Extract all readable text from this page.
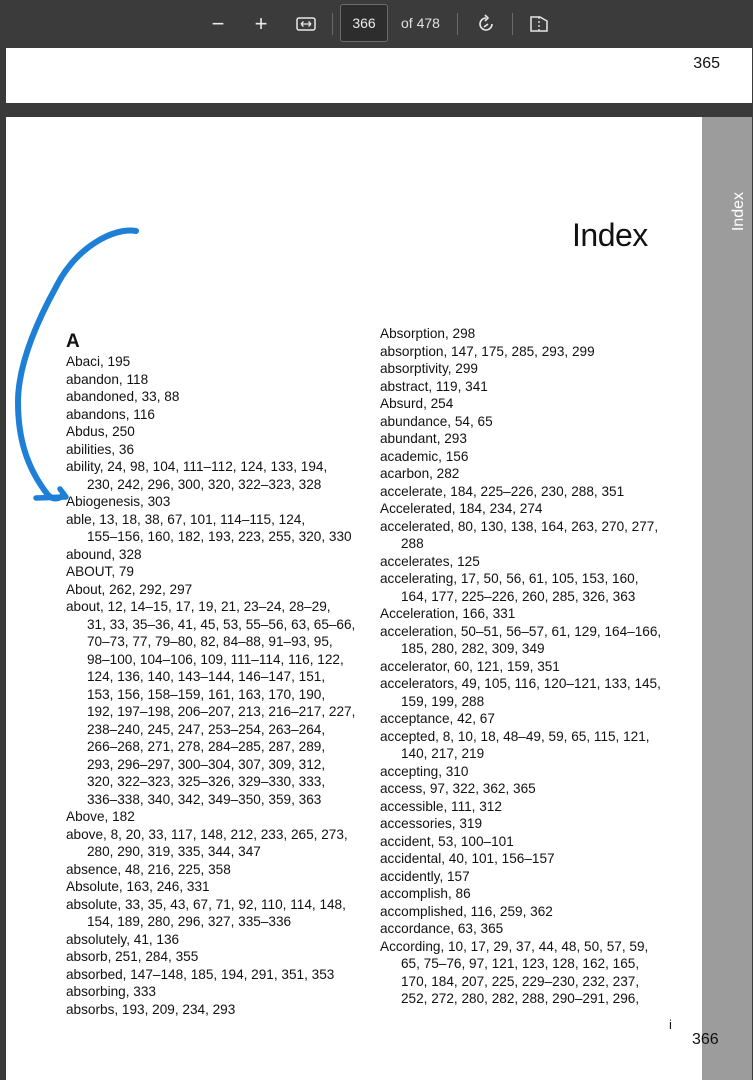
− +
366	of 478
365
Index
Index
A
Abaci, 195
abandon, 118
abandoned, 33, 88
abandons, 116
Abdus, 250
abilities, 36
ability, 24, 98, 104, 111–112, 124, 133, 194,
230, 242, 296, 300, 320, 322–323, 328
Abiogenesis, 303
able, 13, 18, 38, 67, 101, 114–115, 124,
155–156, 160, 182, 193, 223, 255, 320, 330
abound, 328
ABOUT, 79
About, 262, 292, 297
about, 12, 14–15, 17, 19, 21, 23–24, 28–29,
31, 33, 35–36, 41, 45, 53, 55–56, 63, 65–66,
70–73, 77, 79–80, 82, 84–88, 91–93, 95,
98–100, 104–106, 109, 111–114, 116, 122,
124, 136, 140, 143–144, 146–147, 151,
153, 156, 158–159, 161, 163, 170, 190,
192, 197–198, 206–207, 213, 216–217, 227,
238–240, 245, 247, 253–254, 263–264,
266–268, 271, 278, 284–285, 287, 289,
293, 296–297, 300–304, 307, 309, 312,
320, 322–323, 325–326, 329–330, 333,
336–338, 340, 342, 349–350, 359, 363
Above, 182
above, 8, 20, 33, 117, 148, 212, 233, 265, 273,
280, 290, 319, 335, 344, 347
absence, 48, 216, 225, 358
Absolute, 163, 246, 331
absolute, 33, 35, 43, 67, 71, 92, 110, 114, 148,
154, 189, 280, 296, 327, 335–336
absolutely, 41, 136
absorb, 251, 284, 355
absorbed, 147–148, 185, 194, 291, 351, 353
absorbing, 333
absorbs, 193, 209, 234, 293
Absorption, 298
absorption, 147, 175, 285, 293, 299
absorptivity, 299
abstract, 119, 341
Absurd, 254
abundance, 54, 65
abundant, 293
academic, 156
acarbon, 282
accelerate, 184, 225–226, 230, 288, 351
Accelerated, 184, 234, 274
accelerated, 80, 130, 138, 164, 263, 270, 277,
288
accelerates, 125
accelerating, 17, 50, 56, 61, 105, 153, 160,
164, 177, 225–226, 260, 285, 326, 363
Acceleration, 166, 331
acceleration, 50–51, 56–57, 61, 129, 164–166,
185, 280, 282, 309, 349
accelerator, 60, 121, 159, 351
accelerators, 49, 105, 116, 120–121, 133, 145,
159, 199, 288
acceptance, 42, 67
accepted, 8, 10, 18, 48–49, 59, 65, 115, 121,
140, 217, 219
accepting, 310
access, 97, 322, 362, 365
accessible, 111, 312
accessories, 319
accident, 53, 100–101
accidental, 40, 101, 156–157
accidently, 157
accomplish, 86
accomplished, 116, 259, 362
accordance, 63, 365
According, 10, 17, 29, 37, 44, 48, 50, 57, 59,
65, 75–76, 97, 121, 123, 128, 162, 165,
170, 184, 207, 225, 229–230, 232, 237,
252, 272, 280, 282, 288, 290–291, 296,
i
366
